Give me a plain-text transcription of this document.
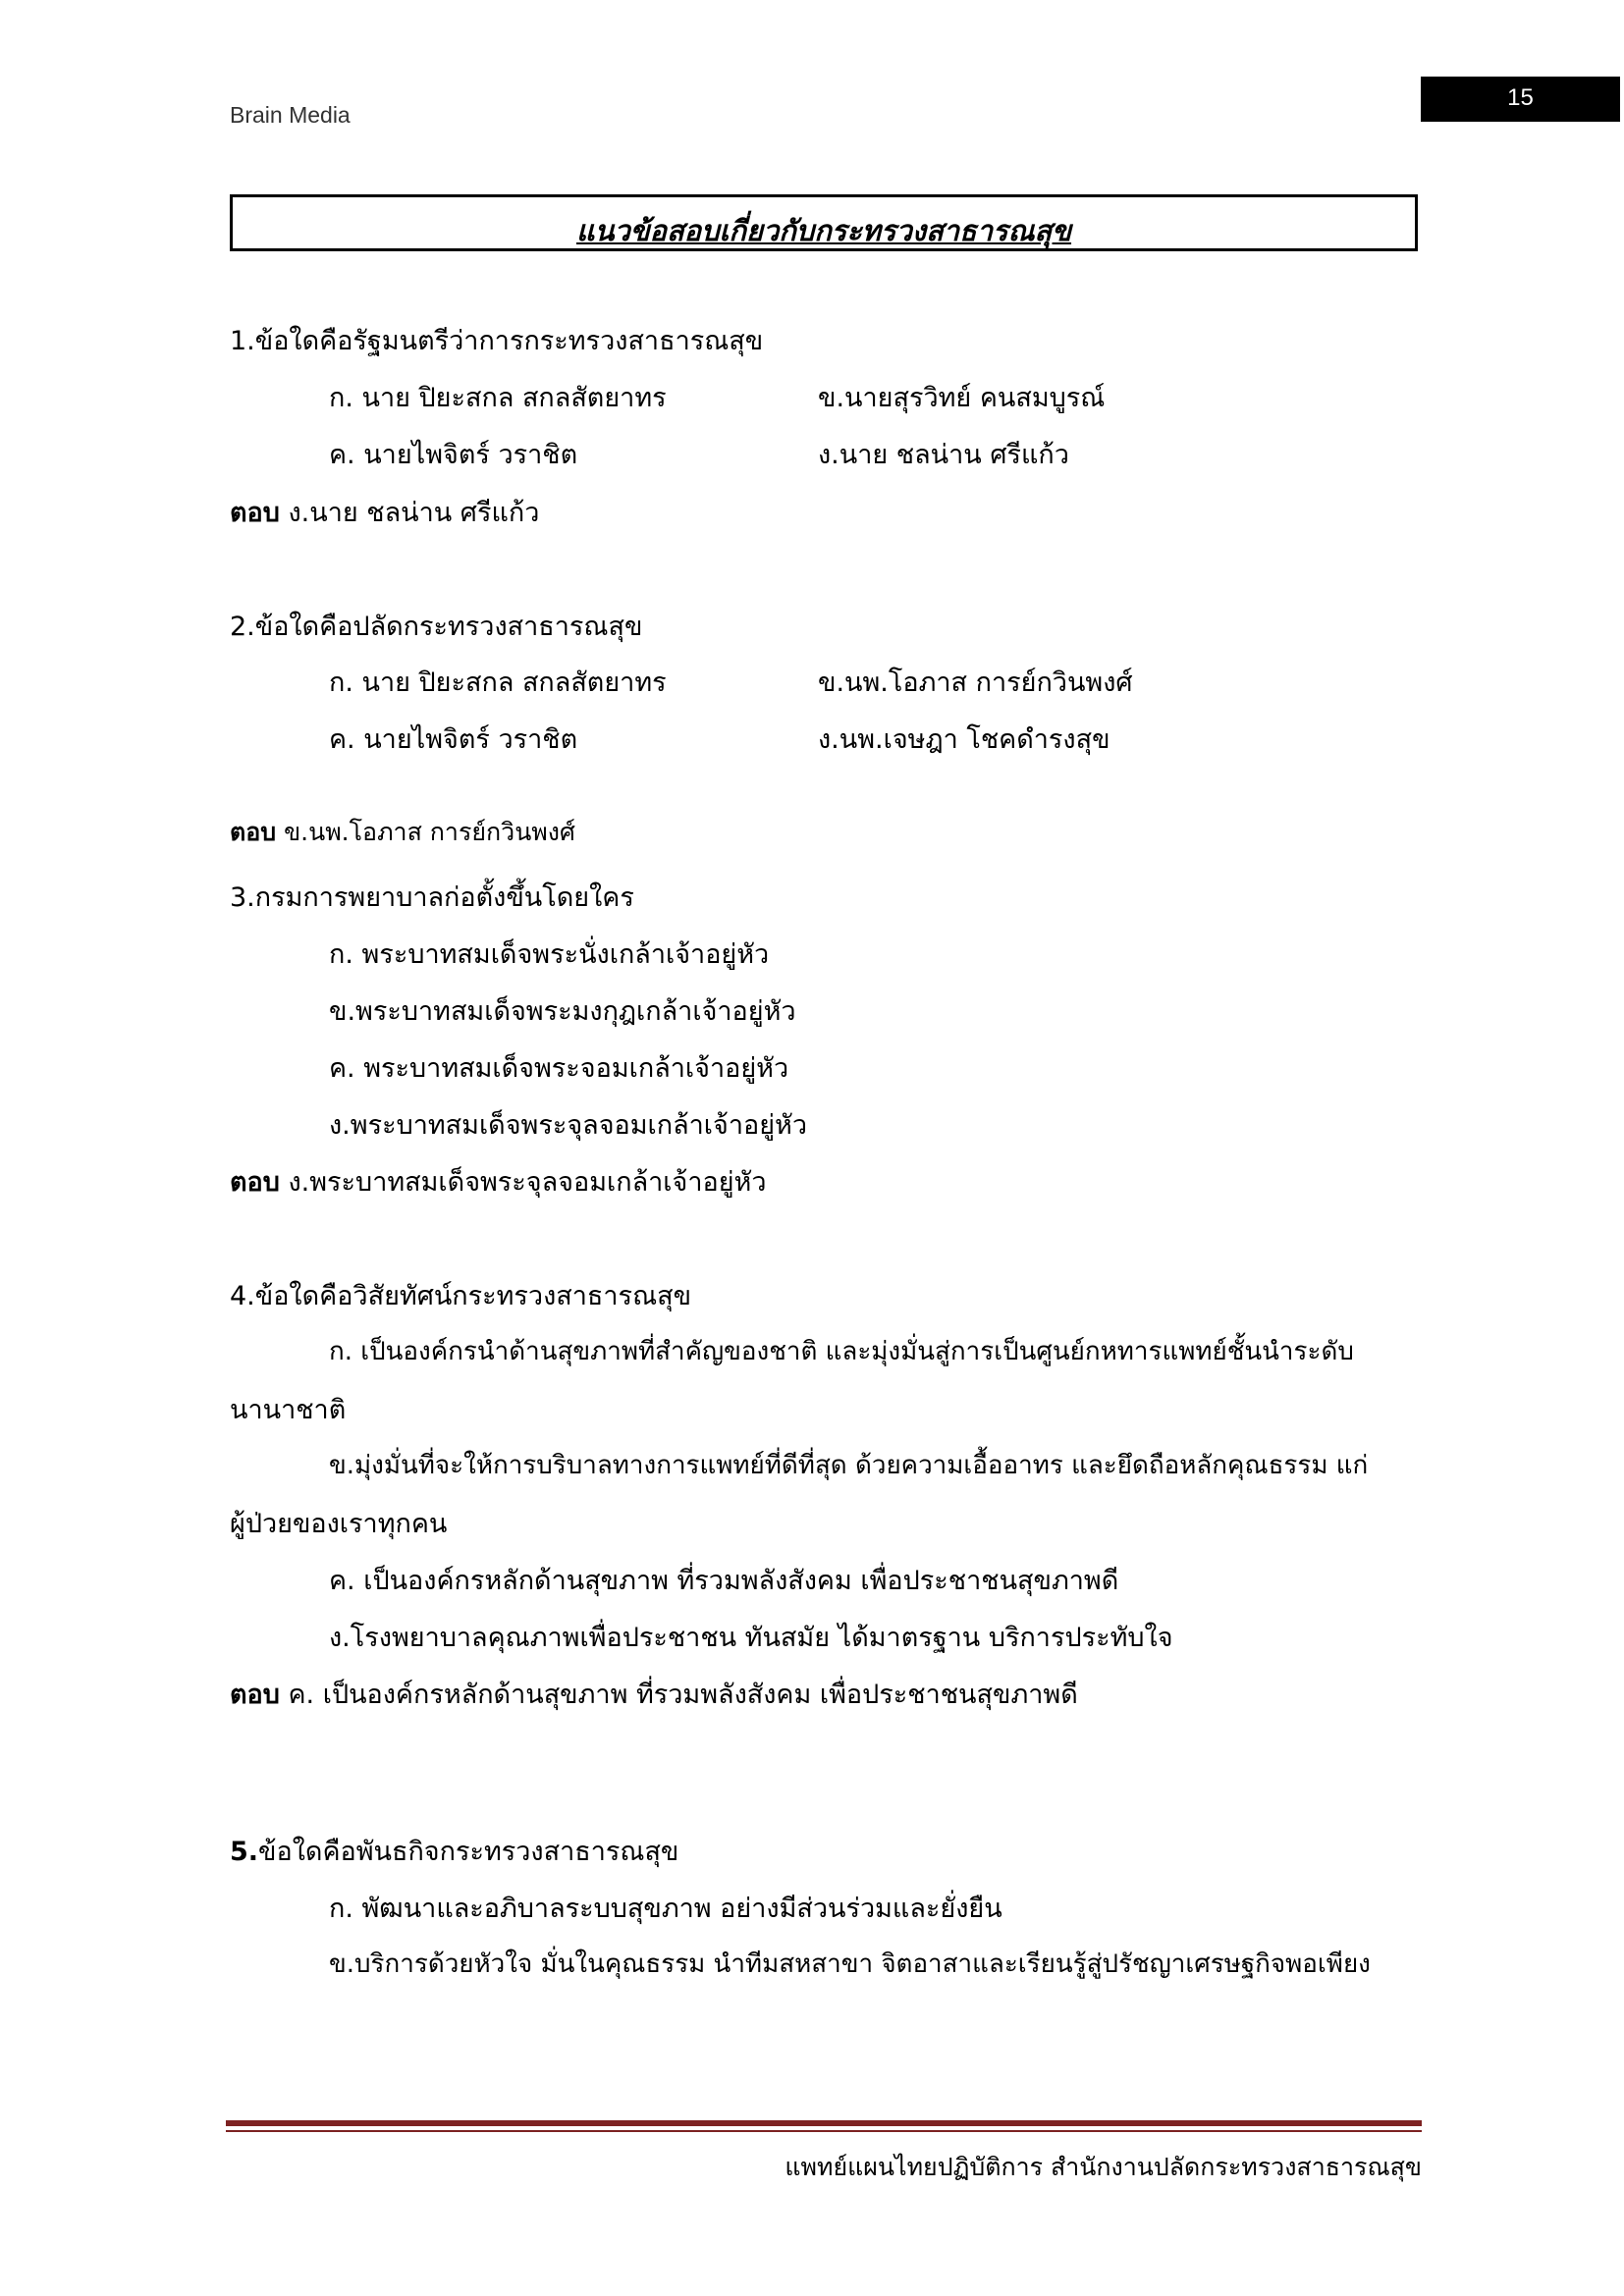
Brain Media
15
แนวข้อสอบเกี่ยวกับกระทรวงสาธารณสุข
1.ข้อใดคือรัฐมนตรีว่าการกระทรวงสาธารณสุข
ก. นาย ปิยะสกล สกลสัตยาทร	ข.นายสุรวิทย์ คนสมบูรณ์
ค. นายไพจิตร์ วราชิต	ง.นาย ชลน่าน ศรีแก้ว
ตอบ ง.นาย ชลน่าน ศรีแก้ว
2.ข้อใดคือปลัดกระทรวงสาธารณสุข
ก. นาย ปิยะสกล สกลสัตยาทร	ข.นพ.โอภาส การย์กวินพงศ์
ค. นายไพจิตร์ วราชิต	ง.นพ.เจษฎา โชคดำรงสุข
ตอบ ข.นพ.โอภาส การย์กวินพงศ์
3.กรมการพยาบาลก่อตั้งขึ้นโดยใคร
ก. พระบาทสมเด็จพระนั่งเกล้าเจ้าอยู่หัว
ข.พระบาทสมเด็จพระมงกุฎเกล้าเจ้าอยู่หัว
ค. พระบาทสมเด็จพระจอมเกล้าเจ้าอยู่หัว
ง.พระบาทสมเด็จพระจุลจอมเกล้าเจ้าอยู่หัว
ตอบ ง.พระบาทสมเด็จพระจุลจอมเกล้าเจ้าอยู่หัว
4.ข้อใดคือวิสัยทัศน์กระทรวงสาธารณสุข
ก. เป็นองค์กรนำด้านสุขภาพที่สำคัญของชาติ และมุ่งมั่นสู่การเป็นศูนย์กหทารแพทย์ชั้นนำระดับ
นานาชาติ
ข.มุ่งมั่นที่จะให้การบริบาลทางการแพทย์ที่ดีที่สุด ด้วยความเอื้ออาทร และยึดถือหลักคุณธรรม แก่
ผู้ป่วยของเราทุกคน
ค. เป็นองค์กรหลักด้านสุขภาพ ที่รวมพลังสังคม เพื่อประชาชนสุขภาพดี
ง.โรงพยาบาลคุณภาพเพื่อประชาชน ทันสมัย ได้มาตรฐาน บริการประทับใจ
ตอบ ค. เป็นองค์กรหลักด้านสุขภาพ ที่รวมพลังสังคม เพื่อประชาชนสุขภาพดี
5.ข้อใดคือพันธกิจกระทรวงสาธารณสุข
ก. พัฒนาและอภิบาลระบบสุขภาพ อย่างมีส่วนร่วมและยั่งยืน
ข.บริการด้วยหัวใจ มั่นในคุณธรรม นำทีมสหสาขา จิตอาสาและเรียนรู้สู่ปรัชญาเศรษฐกิจพอเพียง
แพทย์แผนไทยปฏิบัติการ สำนักงานปลัดกระทรวงสาธารณสุข
